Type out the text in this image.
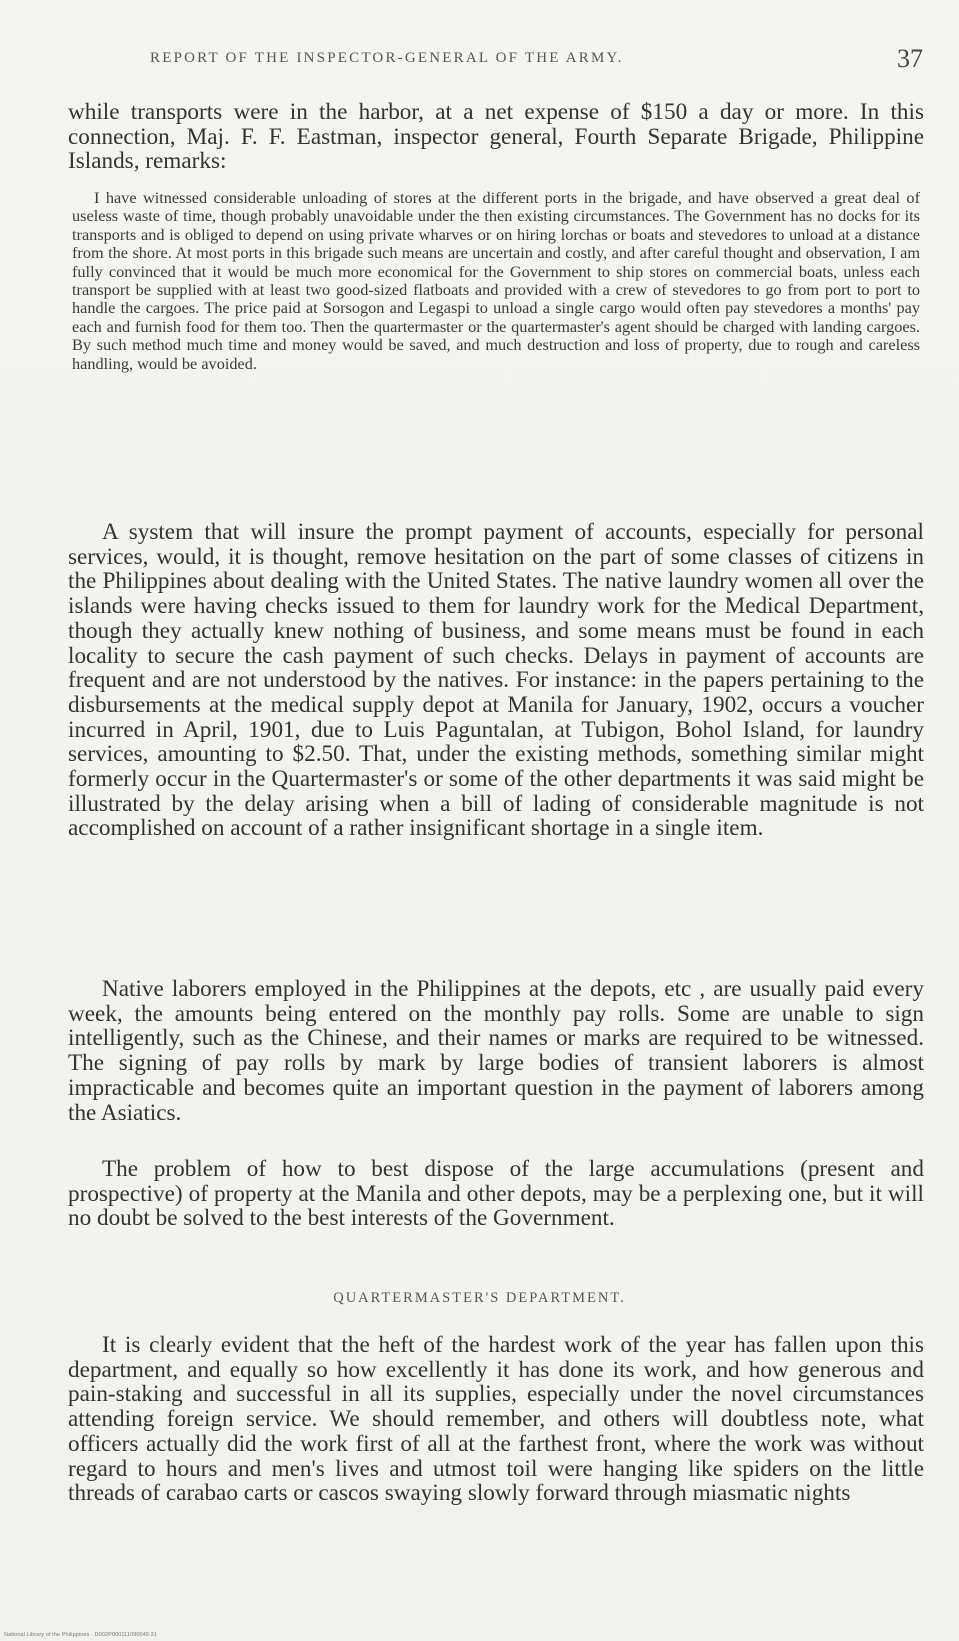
REPORT OF THE INSPECTOR-GENERAL OF THE ARMY.	37

while transports were in the harbor, at a net expense of $150 a day or more. In this connection, Maj. F. F. Eastman, inspector general, Fourth Separate Brigade, Philippine Islands, remarks:

I have witnessed considerable unloading of stores at the different ports in the brigade, and have observed a great deal of useless waste of time, though probably unavoidable under the then existing circumstances. The Government has no docks for its transports and is obliged to depend on using private wharves or on hiring lorchas or boats and stevedores to unload at a distance from the shore. At most ports in this brigade such means are uncertain and costly, and after careful thought and observation, I am fully convinced that it would be much more economical for the Government to ship stores on commercial boats, unless each transport be supplied with at least two good-sized flatboats and provided with a crew of stevedores to go from port to port to handle the cargoes. The price paid at Sorsogon and Legaspi to unload a single cargo would often pay stevedores a months' pay each and furnish food for them too. Then the quartermaster or the quartermaster's agent should be charged with landing cargoes. By such method much time and money would be saved, and much destruction and loss of property, due to rough and careless handling, would be avoided.

A system that will insure the prompt payment of accounts, especially for personal services, would, it is thought, remove hesitation on the part of some classes of citizens in the Philippines about dealing with the United States. The native laundry women all over the islands were having checks issued to them for laundry work for the Medical Department, though they actually knew nothing of business, and some means must be found in each locality to secure the cash payment of such checks. Delays in payment of accounts are frequent and are not understood by the natives. For instance: in the papers pertaining to the disbursements at the medical supply depot at Manila for January, 1902, occurs a voucher incurred in April, 1901, due to Luis Paguntalan, at Tubigon, Bohol Island, for laundry services, amounting to $2.50. That, under the existing methods, something similar might formerly occur in the Quartermaster's or some of the other departments it was said might be illustrated by the delay arising when a bill of lading of considerable magnitude is not accomplished on account of a rather insignificant shortage in a single item.

Native laborers employed in the Philippines at the depots, etc , are usually paid every week, the amounts being entered on the monthly pay rolls. Some are unable to sign intelligently, such as the Chinese, and their names or marks are required to be witnessed. The signing of pay rolls by mark by large bodies of transient laborers is almost impracticable and becomes quite an important question in the payment of laborers among the Asiatics.

The problem of how to best dispose of the large accumulations (present and prospective) of property at the Manila and other depots, may be a perplexing one, but it will no doubt be solved to the best interests of the Government.

QUARTERMASTER'S DEPARTMENT.

It is clearly evident that the heft of the hardest work of the year has fallen upon this department, and equally so how excellently it has done its work, and how generous and pain-staking and successful in all its supplies, especially under the novel circumstances attending foreign service. We should remember, and others will doubtless note, what officers actually did the work first of all at the farthest front, where the work was without regard to hours and men's lives and utmost toil were hanging like spiders on the little threads of carabao carts or cascos swaying slowly forward through miasmatic nights

National Library of the Philippines · D002P000111090045 31
